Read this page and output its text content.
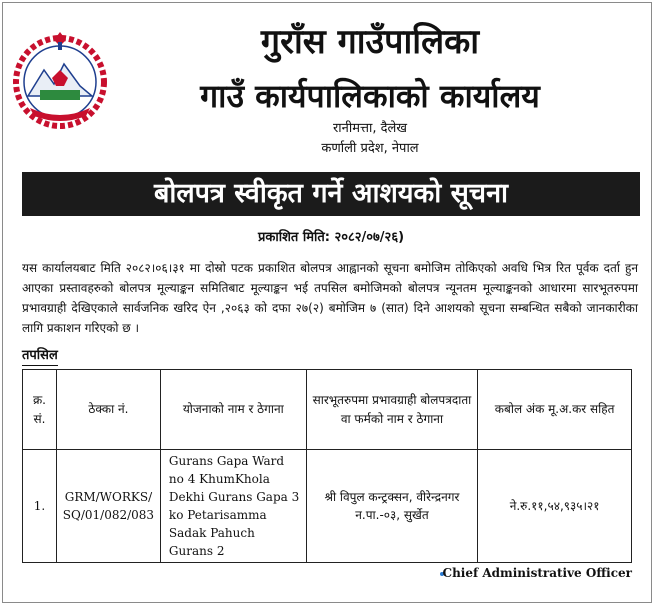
गुराँस गाउँपालिका
गाउँ कार्यपालिकाको कार्यालय
रानीमत्ता, दैलेख
कर्णाली प्रदेश, नेपाल
बोलपत्र स्वीकृत गर्ने आशयको सूचना
प्रकाशित मिति: २०८२/०७/२६)
यस कार्यालयबाट मिति २०८२।०६।३१ मा दोस्रो पटक प्रकाशित बोलपत्र आह्वानको सूचना बमोजिम तोकिएको अवधि भित्र रित पूर्वक दर्ता हुन आएका प्रस्तावहरुको बोलपत्र मूल्याङ्कन समितिबाट मूल्याङ्कन भई तपसिल बमोजिमको बोलपत्र न्यूनतम मूल्याङ्कनको आधारमा सारभूतरुपमा प्रभावग्राही देखिएकाले सार्वजनिक खरिद ऐन ,२०६३ को दफा २७(२) बमोजिम ७ (सात) दिने आशयको सूचना सम्बन्धित सबैको जानकारीका लागि प्रकाशन गरिएको छ ।
तपसिल
क्र. सं.	ठेक्का नं.	योजनाको नाम र ठेगाना	सारभूतरुपमा प्रभावग्राही बोलपत्रदाता वा फर्मको नाम र ठेगाना	कबोल अंक मू.अ.कर सहित
1.	GRM/WORKS/ SQ/01/082/083	Gurans Gapa Ward no 4 KhumKhola Dekhi Gurans Gapa 3 ko Petarisamma Sadak Pahuch Gurans 2	श्री विपुल कन्ट्रक्सन, वीरेन्द्रनगर न.पा.-०३, सुर्खेत	ने.रु.११,५४,९३५।२१
Chief Administrative Officer
